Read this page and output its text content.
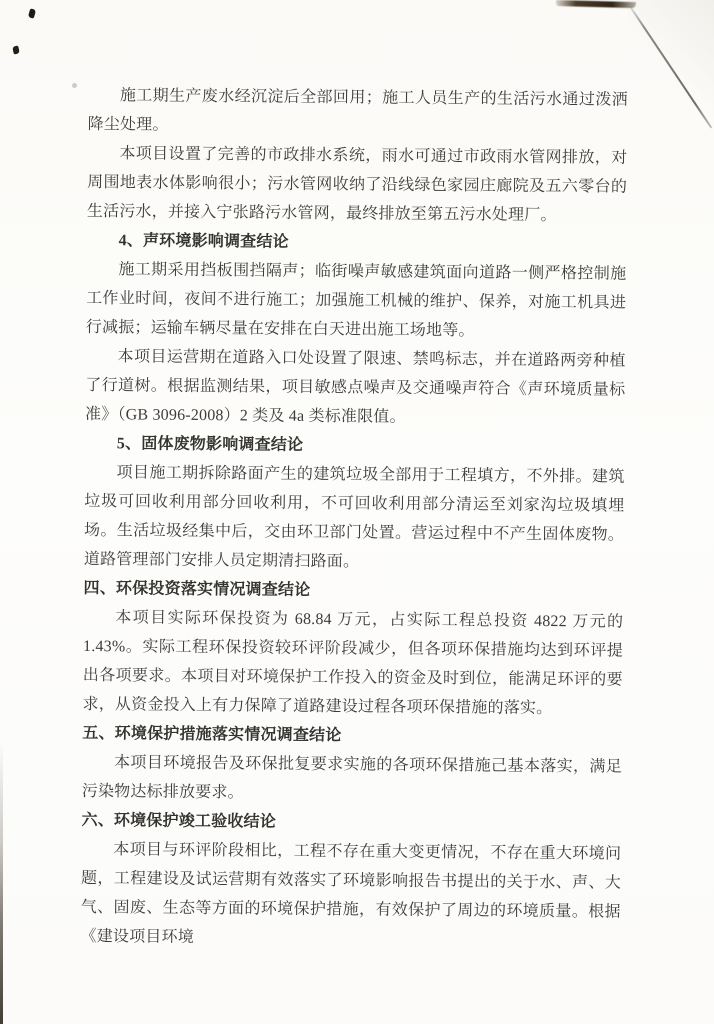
施工期生产废水经沉淀后全部回用；施工人员生产的生活污水通过泼洒降尘处理。

本项目设置了完善的市政排水系统，雨水可通过市政雨水管网排放，对周围地表水体影响很小；污水管网收纳了沿线绿色家园庄廊院及五六零台的生活污水，并接入宁张路污水管网，最终排放至第五污水处理厂。

4、声环境影响调查结论

施工期采用挡板围挡隔声；临街噪声敏感建筑面向道路一侧严格控制施工作业时间，夜间不进行施工；加强施工机械的维护、保养，对施工机具进行减振；运输车辆尽量在安排在白天进出施工场地等。

本项目运营期在道路入口处设置了限速、禁鸣标志，并在道路两旁种植了行道树。根据监测结果，项目敏感点噪声及交通噪声符合《声环境质量标准》（GB 3096-2008）2 类及 4a 类标准限值。

5、固体废物影响调查结论

项目施工期拆除路面产生的建筑垃圾全部用于工程填方，不外排。建筑垃圾可回收利用部分回收利用，不可回收利用部分清运至刘家沟垃圾填埋场。生活垃圾经集中后，交由环卫部门处置。营运过程中不产生固体废物。道路管理部门安排人员定期清扫路面。

四、环保投资落实情况调查结论

本项目实际环保投资为 68.84 万元，占实际工程总投资 4822 万元的 1.43%。实际工程环保投资较环评阶段减少，但各项环保措施均达到环评提出各项要求。本项目对环境保护工作投入的资金及时到位，能满足环评的要求，从资金投入上有力保障了道路建设过程各项环保措施的落实。

五、环境保护措施落实情况调查结论

本项目环境报告及环保批复要求实施的各项环保措施己基本落实，满足污染物达标排放要求。

六、环境保护竣工验收结论

本项目与环评阶段相比，工程不存在重大变更情况，不存在重大环境问题，工程建设及试运营期有效落实了环境影响报告书提出的关于水、声、大气、固废、生态等方面的环境保护措施，有效保护了周边的环境质量。根据《建设项目环境
